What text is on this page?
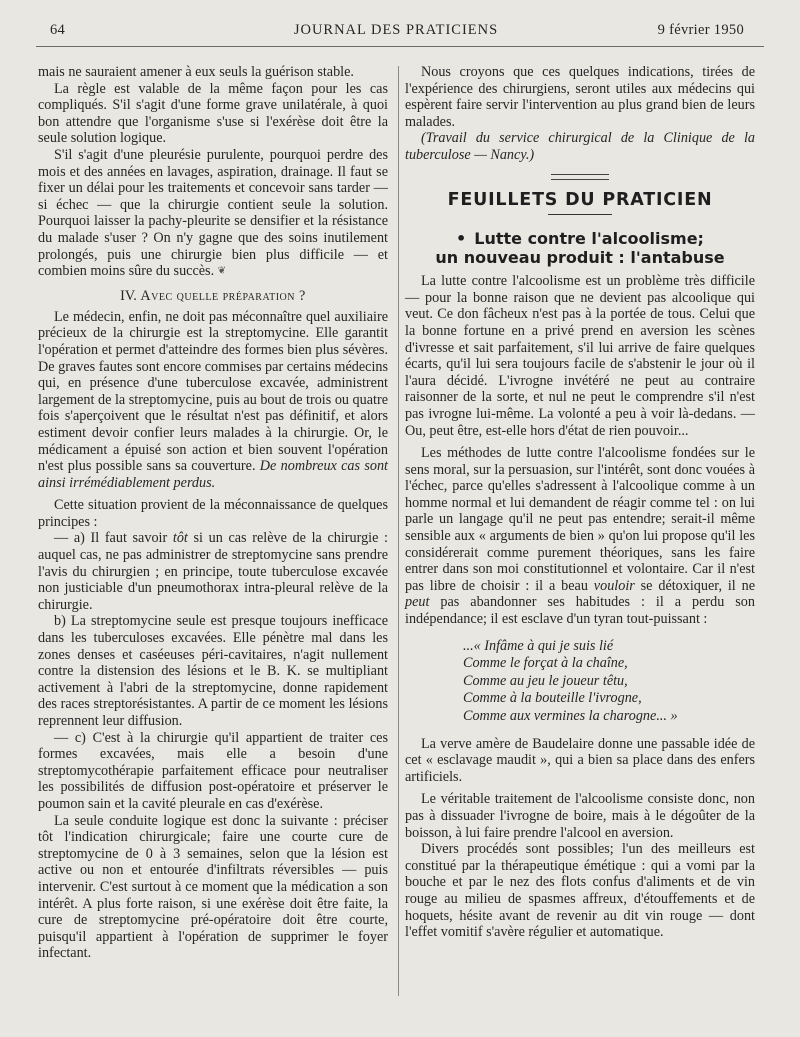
64	JOURNAL DES PRATICIENS	9 février 1950

mais ne sauraient amener à eux seuls la guérison stable.

La règle est valable de la même façon pour les cas compliqués. S'il s'agit d'une forme grave unilatérale, à quoi bon attendre que l'organisme s'use si l'exérèse doit être la seule solution logique.

S'il s'agit d'une pleurésie purulente, pourquoi perdre des mois et des années en lavages, aspiration, drainage. Il faut se fixer un délai pour les traitements et concevoir sans tarder — si échec — que la chirurgie contient seule la solution. Pourquoi laisser la pachy-pleurite se densifier et la résistance du malade s'user ? On n'y gagne que des soins inutilement prolongés, puis une chirurgie bien plus difficile — et combien moins sûre du succès. ❦

IV. Avec quelle préparation ?

Le médecin, enfin, ne doit pas méconnaître quel auxiliaire précieux de la chirurgie est la streptomycine. Elle garantit l'opération et permet d'atteindre des formes bien plus sévères. De graves fautes sont encore commises par certains médecins qui, en présence d'une tuberculose excavée, administrent largement de la streptomycine, puis au bout de trois ou quatre fois s'aperçoivent que le résultat n'est pas définitif, et alors estiment devoir confier leurs malades à la chirurgie. Or, le médicament a épuisé son action et bien souvent l'opération n'est plus possible sans sa couverture. De nombreux cas sont ainsi irrémédiablement perdus.

Cette situation provient de la méconnaissance de quelques principes :

— a) Il faut savoir tôt si un cas relève de la chirurgie : auquel cas, ne pas administrer de streptomycine sans prendre l'avis du chirurgien ; en principe, toute tuberculose excavée non justiciable d'un pneumothorax intra-pleural relève de la chirurgie.

b) La streptomycine seule est presque toujours inefficace dans les tuberculoses excavées. Elle pénètre mal dans les zones denses et caséeuses péri-cavitaires, n'agit nullement contre la distension des lésions et le B. K. se multipliant activement à l'abri de la streptomycine, donne rapidement des races streptorésistantes. A partir de ce moment les lésions reprennent leur diffusion.

— c) C'est à la chirurgie qu'il appartient de traiter ces formes excavées, mais elle a besoin d'une streptomycothérapie parfaitement efficace pour neutraliser les possibilités de diffusion post-opératoire et préserver le poumon sain et la cavité pleurale en cas d'exérèse.

La seule conduite logique est donc la suivante : préciser tôt l'indication chirurgicale; faire une courte cure de streptomycine de 0 à 3 semaines, selon que la lésion est active ou non et entourée d'infiltrats réversibles — puis intervenir. C'est surtout à ce moment que la médication a son intérêt. A plus forte raison, si une exérèse doit être faite, la cure de streptomycine pré-opératoire doit être courte, puisqu'il appartient à l'opération de supprimer le foyer infectant.

Nous croyons que ces quelques indications, tirées de l'expérience des chirurgiens, seront utiles aux médecins qui espèrent faire servir l'intervention au plus grand bien de leurs malades.

(Travail du service chirurgical de la Clinique de la tuberculose — Nancy.)

FEUILLETS DU PRATICIEN
• Lutte contre l'alcoolisme;
un nouveau produit : l'antabuse

La lutte contre l'alcoolisme est un problème très difficile — pour la bonne raison que ne devient pas alcoolique qui veut. Ce don fâcheux n'est pas à la portée de tous. Celui que la bonne fortune en a privé prend en aversion les scènes d'ivresse et sait parfaitement, s'il lui arrive de faire quelques écarts, qu'il lui sera toujours facile de s'abstenir le jour où il l'aura décidé. L'ivrogne invétéré ne peut au contraire raisonner de la sorte, et nul ne peut le comprendre s'il n'est pas ivrogne lui-même. La volonté a peu à voir là-dedans. — Ou, peut être, est-elle hors d'état de rien pouvoir...

Les méthodes de lutte contre l'alcoolisme fondées sur le sens moral, sur la persuasion, sur l'intérêt, sont donc vouées à l'échec, parce qu'elles s'adressent à l'alcoolique comme à un homme normal et lui demandent de réagir comme tel : on lui parle un langage qu'il ne peut pas entendre; serait-il même sensible aux « arguments de bien » qu'on lui propose qu'il les considérerait comme purement théoriques, sans les faire entrer dans son moi constitutionnel et volontaire. Car il n'est pas libre de choisir : il a beau vouloir se détoxiquer, il ne peut pas abandonner ses habitudes : il a perdu son indépendance; il est esclave d'un tyran tout-puissant :

...« Infâme à qui je suis lié
Comme le forçat à la chaîne,
Comme au jeu le joueur têtu,
Comme à la bouteille l'ivrogne,
Comme aux vermines la charogne... »

La verve amère de Baudelaire donne une passable idée de cet « esclavage maudit », qui a bien sa place dans des enfers artificiels.

Le véritable traitement de l'alcoolisme consiste donc, non pas à dissuader l'ivrogne de boire, mais à le dégoûter de la boisson, à lui faire prendre l'alcool en aversion.

Divers procédés sont possibles; l'un des meilleurs est constitué par la thérapeutique émétique : qui a vomi par la bouche et par le nez des flots confus d'aliments et de vin rouge au milieu de spasmes affreux, d'étouffements et de hoquets, hésite avant de revenir au dit vin rouge — dont l'effet vomitif s'avère régulier et automatique.
